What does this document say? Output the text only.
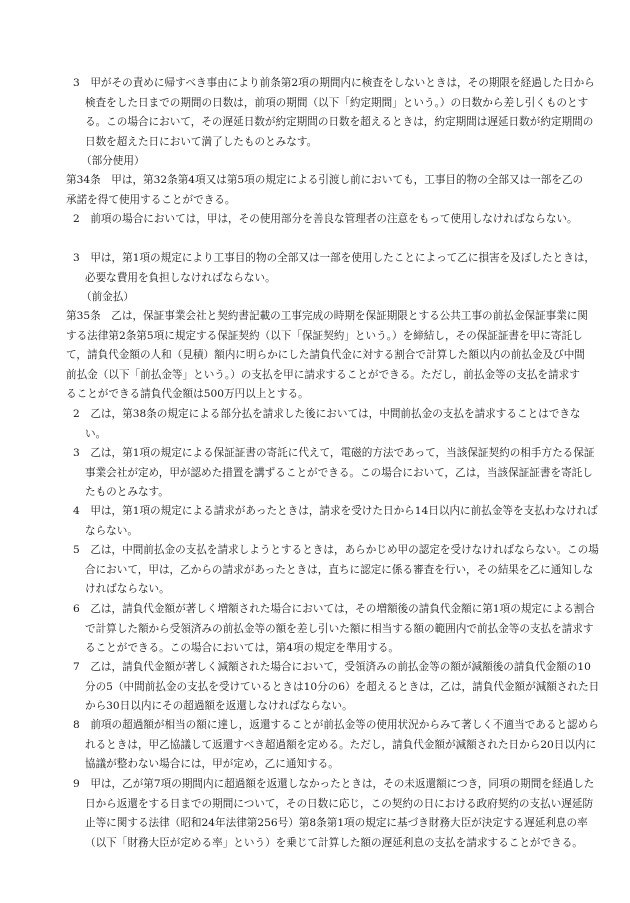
3　甲がその責めに帰すべき事由により前条第2項の期間内に検査をしないときは，その期限を経過した日から検査をした日までの期間の日数は，前項の期間（以下「約定期間」という。）の日数から差し引くものとする。この場合において，その遅延日数が約定期間の日数を超えるときは，約定期間は遅延日数が約定期間の日数を超えた日において満了したものとみなす。

（部分使用）

第34条　甲は，第32条第4項又は第5項の規定による引渡し前においても，工事目的物の全部又は一部を乙の承諾を得て使用することができる。

2　前項の場合においては，甲は，その使用部分を善良な管理者の注意をもって使用しなければならない。

3　甲は，第1項の規定により工事目的物の全部又は一部を使用したことによって乙に損害を及ぼしたときは，必要な費用を負担しなければならない。

（前金払）

第35条　乙は，保証事業会社と契約書記載の工事完成の時期を保証期限とする公共工事の前払金保証事業に関する法律第2条第5項に規定する保証契約（以下「保証契約」という。）を締結し，その保証証書を甲に寄託して，請負代金額の人和（見積）額内に明らかにした請負代金に対する割合で計算した額以内の前払金及び中間前払金（以下「前払金等」という。）の支払を甲に請求することができる。ただし，前払金等の支払を請求することができる請負代金額は500万円以上とする。

2　乙は，第38条の規定による部分払を請求した後においては，中間前払金の支払を請求することはできない。

3　乙は，第1項の規定による保証証書の寄託に代えて，電磁的方法であって，当該保証契約の相手方たる保証事業会社が定め，甲が認めた措置を講ずることができる。この場合において，乙は，当該保証証書を寄託したものとみなす。

4　甲は，第1項の規定による請求があったときは，請求を受けた日から14日以内に前払金等を支払わなければならない。

5　乙は，中間前払金の支払を請求しようとするときは，あらかじめ甲の認定を受けなければならない。この場合において，甲は，乙からの請求があったときは，直ちに認定に係る審査を行い，その結果を乙に通知しなければならない。

6　乙は，請負代金額が著しく増額された場合においては，その増額後の請負代金額に第1項の規定による割合で計算した額から受領済みの前払金等の額を差し引いた額に相当する額の範囲内で前払金等の支払を請求することができる。この場合においては，第4項の規定を準用する。

7　乙は，請負代金額が著しく減額された場合において，受領済みの前払金等の額が減額後の請負代金額の10分の5（中間前払金の支払を受けているときは10分の6）を超えるときは，乙は，請負代金額が減額された日から30日以内にその超過額を返還しなければならない。

8　前項の超過額が相当の額に達し，返還することが前払金等の使用状況からみて著しく不適当であると認められるときは，甲乙協議して返還すべき超過額を定める。ただし，請負代金額が減額された日から20日以内に協議が整わない場合には，甲が定め，乙に通知する。

9　甲は，乙が第7項の期間内に超過額を返還しなかったときは，その未返還額につき，同項の期間を経過した日から返還をする日までの期間について，その日数に応じ，この契約の日における政府契約の支払い遅延防止等に関する法律（昭和24年法律第256号）第8条第1項の規定に基づき財務大臣が決定する遅延利息の率（以下「財務大臣が定める率」という）を乗じて計算した額の遅延利息の支払を請求することができる。
